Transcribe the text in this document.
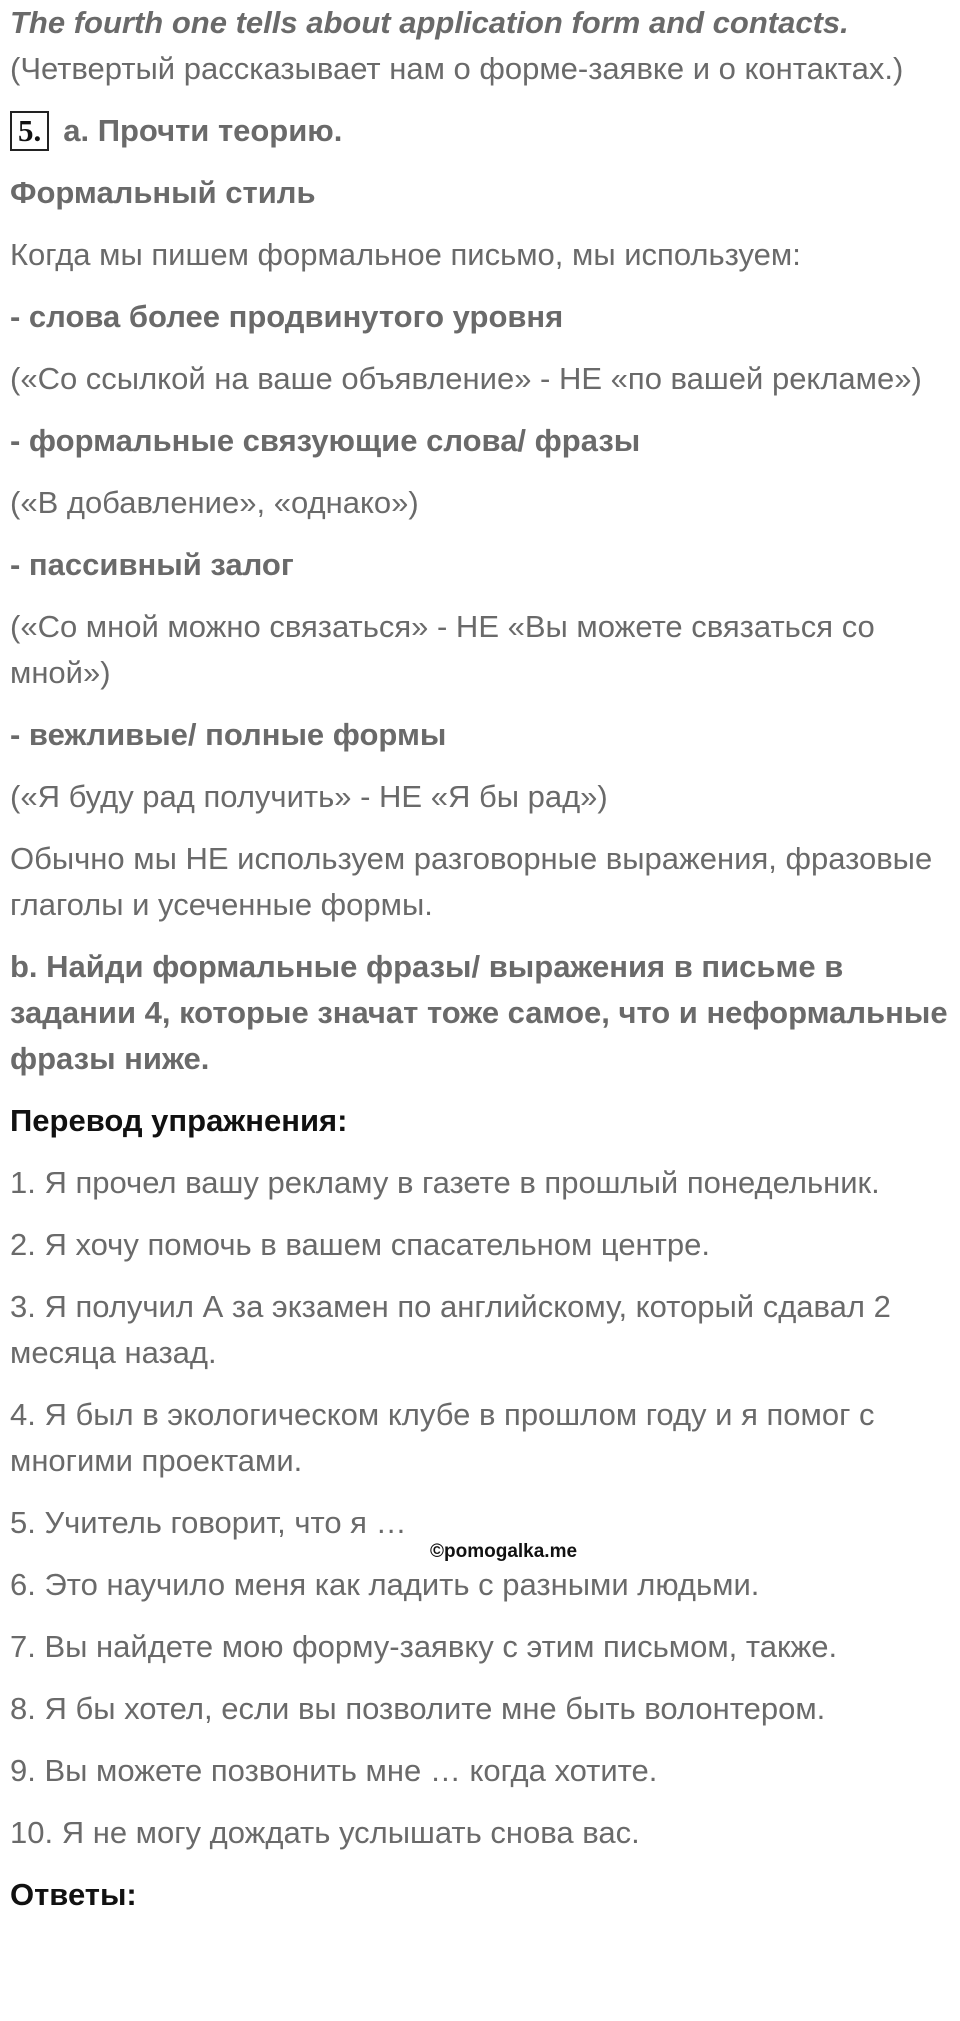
The fourth one tells about application form and contacts.

(Четвертый рассказывает нам о форме-заявке и о контактах.)

5. a. Прочти теорию.

Формальный стиль

Когда мы пишем формальное письмо, мы используем:

- слова более продвинутого уровня

(«Со ссылкой на ваше объявление» - НЕ «по вашей рекламе»)

- формальные связующие слова/ фразы

(«В добавление», «однако»)

- пассивный залог

(«Со мной можно связаться» - НЕ «Вы можете связаться со мной»)

- вежливые/ полные формы

(«Я буду рад получить» - НЕ «Я бы рад»)

Обычно мы НЕ используем разговорные выражения, фразовые глаголы и усеченные формы.

b. Найди формальные фразы/ выражения в письме в задании 4, которые значат тоже самое, что и неформальные фразы ниже.

Перевод упражнения:

1. Я прочел вашу рекламу в газете в прошлый понедельник.

2. Я хочу помочь в вашем спасательном центре.

3. Я получил А за экзамен по английскому, который сдавал 2 месяца назад.

4. Я был в экологическом клубе в прошлом году и я помог с многими проектами.

5. Учитель говорит, что я …

6. Это научило меня как ладить с разными людьми.

7. Вы найдете мою форму-заявку с этим письмом, также.

8. Я бы хотел, если вы позволите мне быть волонтером.

9. Вы можете позвонить мне … когда хотите.

10. Я не могу дождать услышать снова вас.

Ответы:

©pomogalka.me
